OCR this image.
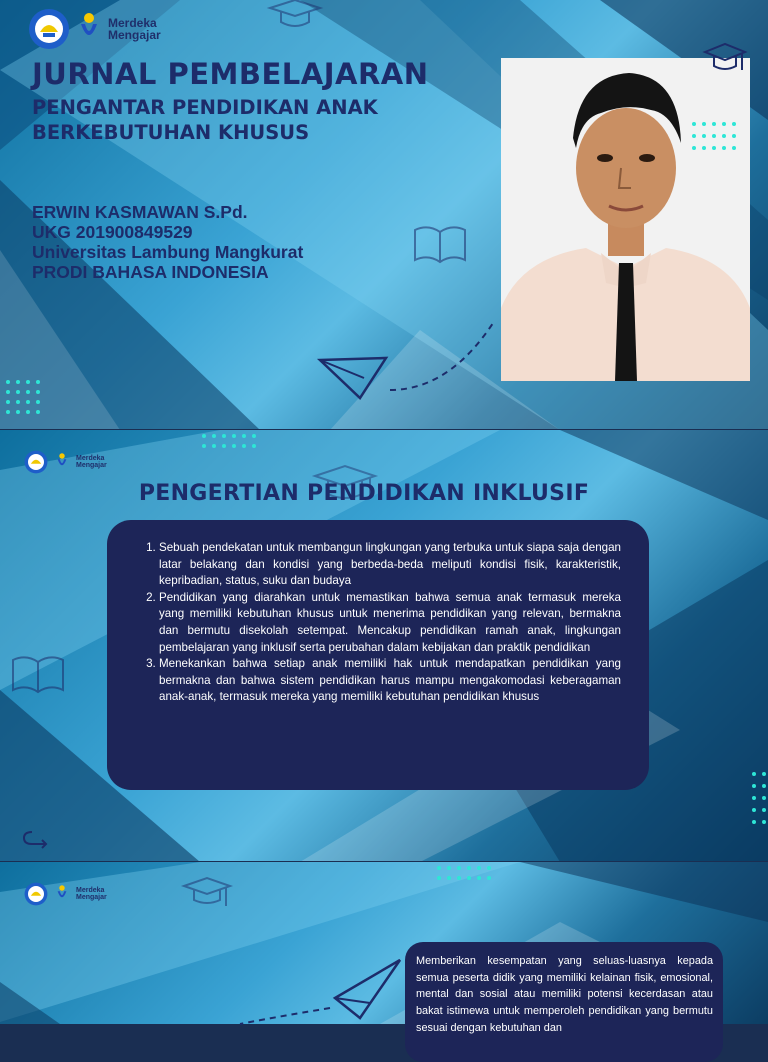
Merdeka
Mengajar
JURNAL PEMBELAJARAN
PENGANTAR PENDIDIKAN ANAK BERKEBUTUHAN KHUSUS
ERWIN KASMAWAN S.Pd.
UKG 201900849529
Universitas Lambung Mangkurat
PRODI BAHASA INDONESIA
Merdeka
Mengajar
PENGERTIAN PENDIDIKAN INKLUSIF
1. Sebuah pendekatan untuk membangun lingkungan yang terbuka untuk siapa saja dengan latar belakang dan kondisi yang berbeda-beda meliputi kondisi fisik, karakteristik, kepribadian, status, suku dan budaya
2. Pendidikan yang diarahkan untuk memastikan bahwa semua anak termasuk mereka yang memiliki kebutuhan khusus untuk menerima pendidikan yang relevan, bermakna dan bermutu disekolah setempat. Mencakup pendidikan ramah anak, lingkungan pembelajaran yang inklusif serta perubahan dalam kebijakan dan praktik pendidikan
3. Menekankan bahwa setiap anak memiliki hak untuk mendapatkan pendidikan yang bermakna dan bahwa sistem pendidikan harus mampu mengakomodasi keberagaman anak-anak, termasuk mereka yang memiliki kebutuhan pendidikan khusus
Merdeka
Mengajar

Memberikan kesempatan yang seluas-luasnya kepada semua peserta didik yang memiliki kelainan fisik, emosional, mental dan sosial atau memiliki potensi kecerdasan atau bakat istimewa untuk memperoleh pendidikan yang bermutu sesuai dengan kebutuhan dan
